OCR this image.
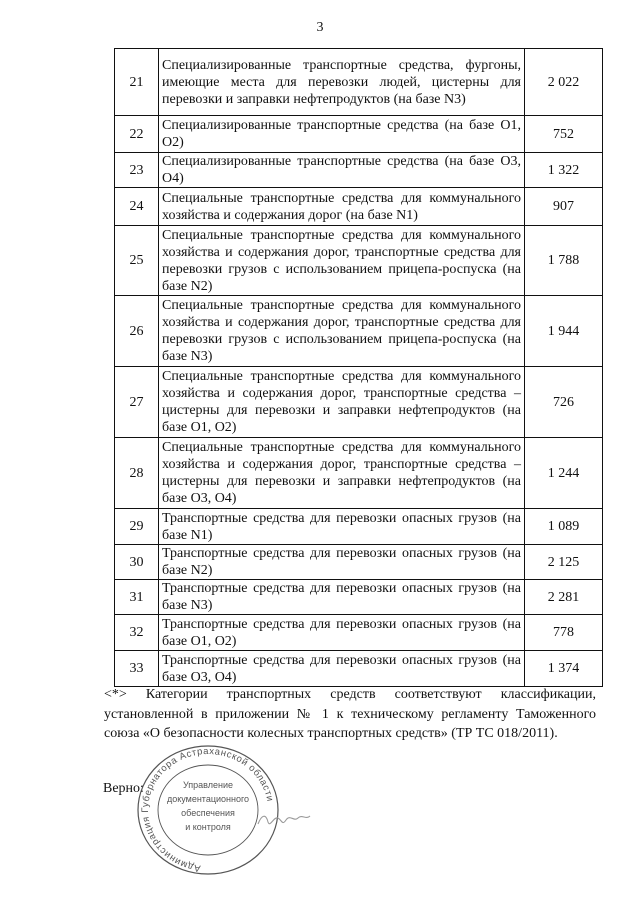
3
21	Специализированные транспортные средства, фургоны, имеющие места для перевозки людей, цистерны для перевозки и заправки нефтепродуктов (на базе N3)	2 022
22	Специализированные транспортные средства (на базе O1, O2)	752
23	Специализированные транспортные средства (на базе O3, O4)	1 322
24	Специальные транспортные средства для коммунального хозяйства и содержания дорог (на базе N1)	907
25	Специальные транспортные средства для коммунального хозяйства и содержания дорог, транспортные средства для перевозки грузов с использованием прицепа-роспуска (на базе N2)	1 788
26	Специальные транспортные средства для коммунального хозяйства и содержания дорог, транспортные средства для перевозки грузов с использованием прицепа-роспуска (на базе N3)	1 944
27	Специальные транспортные средства для коммунального хозяйства и содержания дорог, транспортные средства – цистерны для перевозки и заправки нефтепродуктов (на базе O1, O2)	726
28	Специальные транспортные средства для коммунального хозяйства и содержания дорог, транспортные средства – цистерны для перевозки и заправки нефтепродуктов (на базе O3, O4)	1 244
29	Транспортные средства для перевозки опасных грузов (на базе N1)	1 089
30	Транспортные средства для перевозки опасных грузов (на базе N2)	2 125
31	Транспортные средства для перевозки опасных грузов (на базе N3)	2 281
32	Транспортные средства для перевозки опасных грузов (на базе O1, O2)	778
33	Транспортные средства для перевозки опасных грузов (на базе O3, O4)	1 374

<*> Категории транспортных средств соответствуют классификации, установленной в приложении № 1 к техническому регламенту Таможенного союза «О безопасности колесных транспортных средств» (ТР ТС 018/2011).

Верно:
Администрация Губернатора Астраханской области
Управление
документационного
обеспечения
и контроля
